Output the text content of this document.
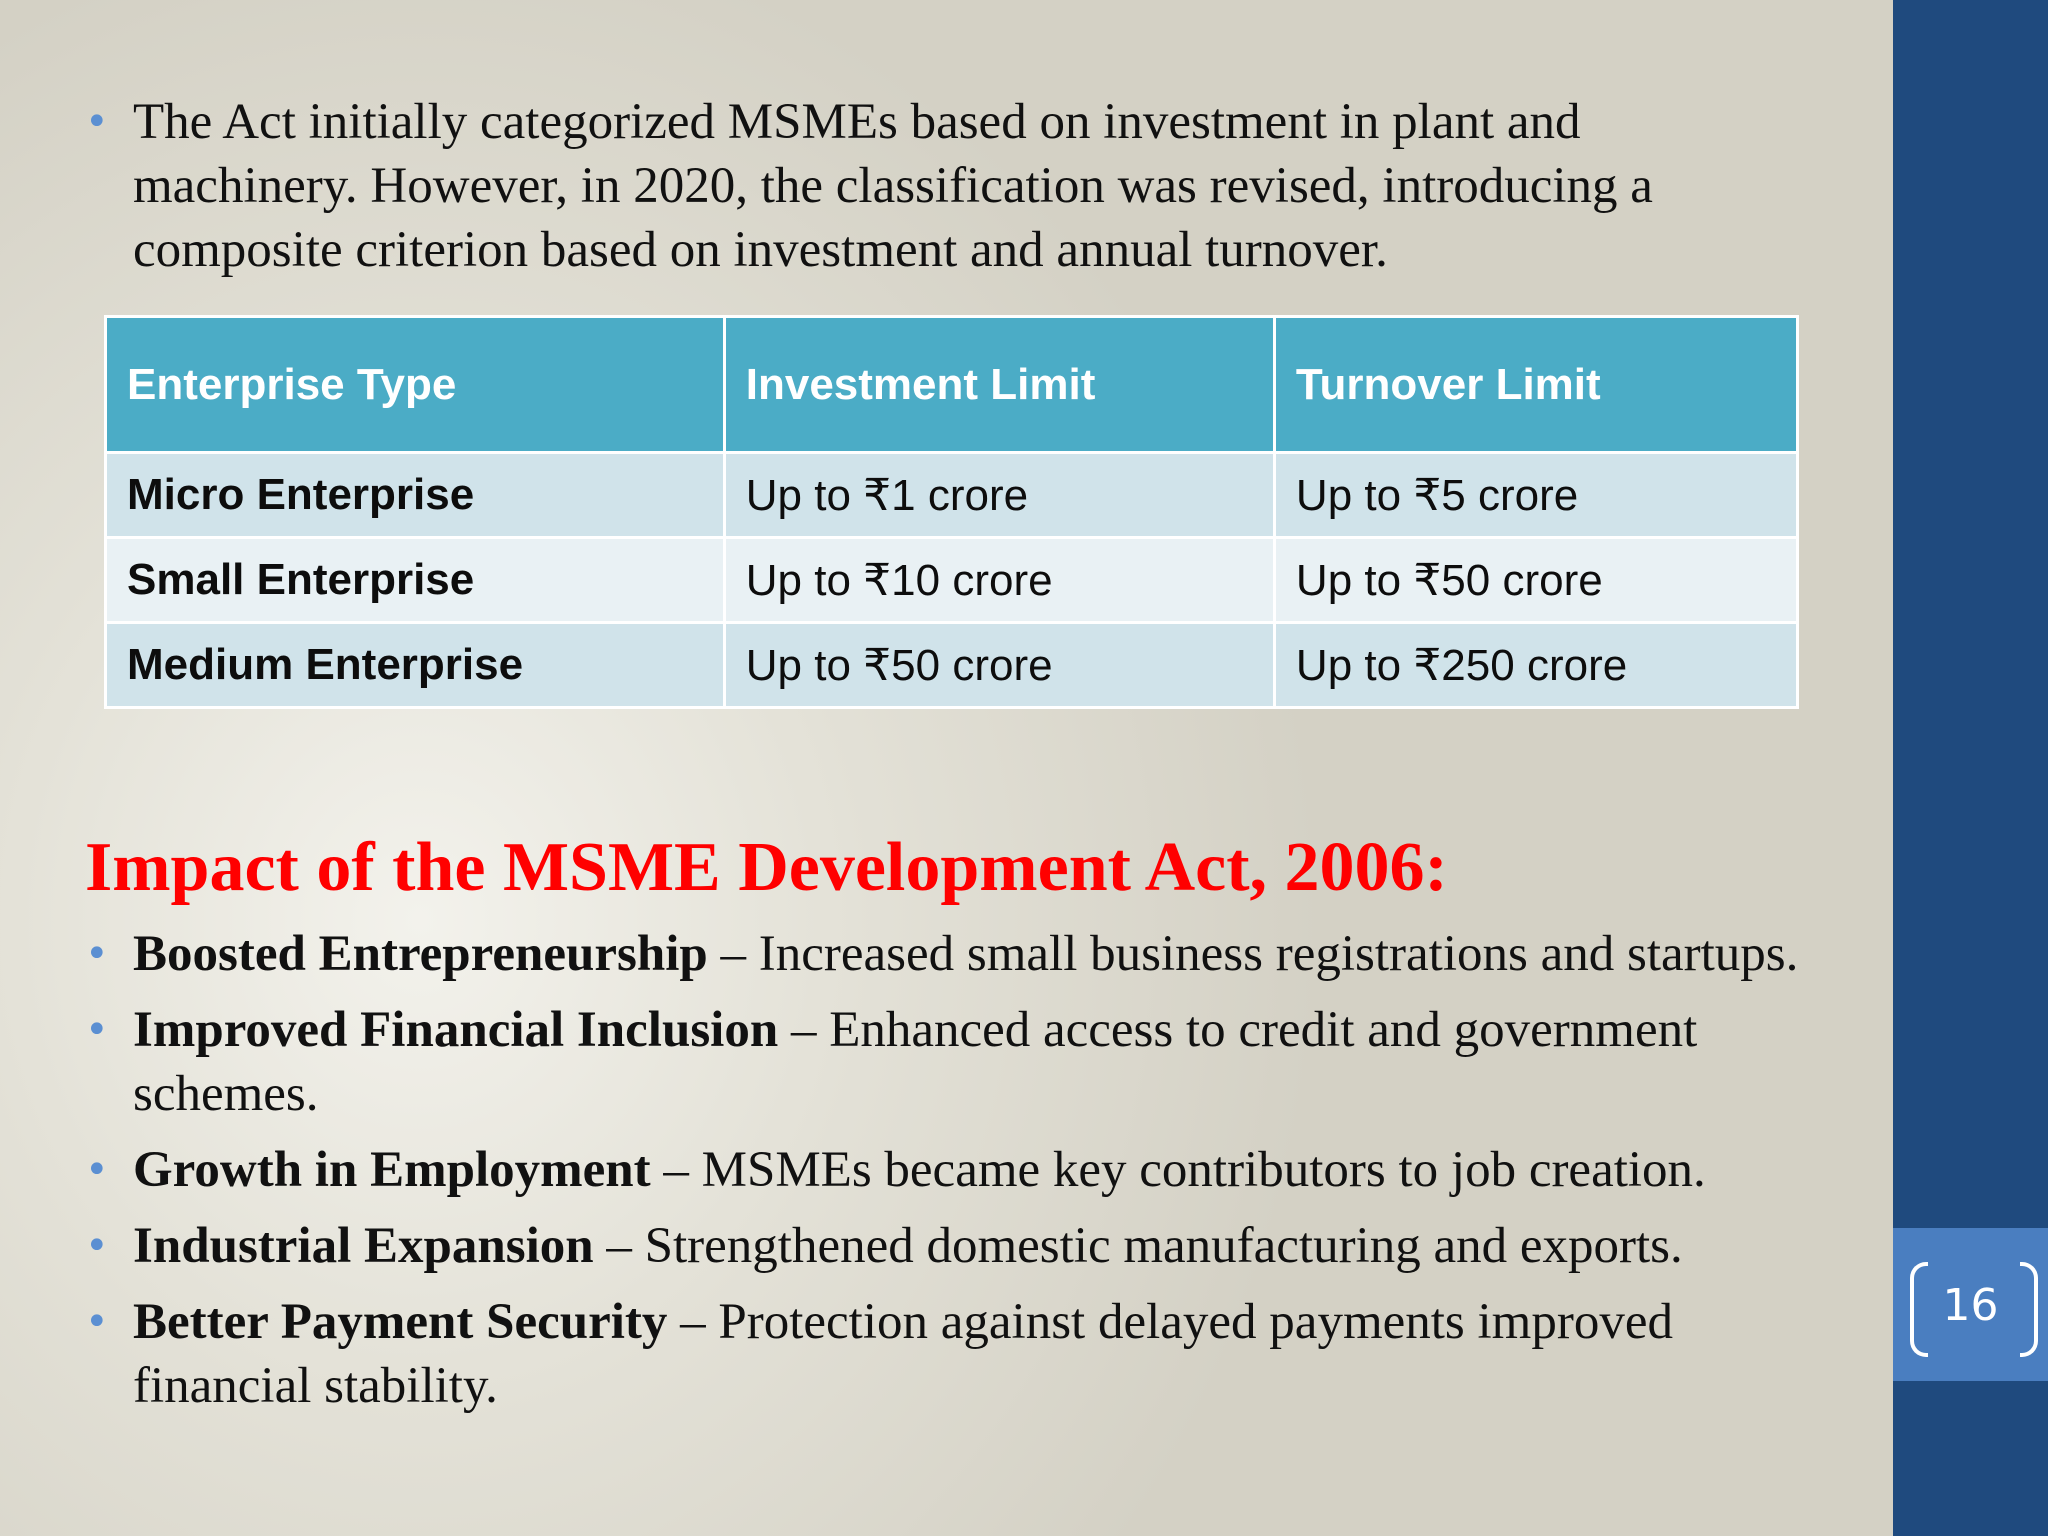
16
• The Act initially categorized MSMEs based on investment in plant and machinery. However, in 2020, the classification was revised, introducing a composite criterion based on investment and annual turnover.
Enterprise Type	Investment Limit	Turnover Limit
Micro Enterprise	Up to ₹1 crore	Up to ₹5 crore
Small Enterprise	Up to ₹10 crore	Up to ₹50 crore
Medium Enterprise	Up to ₹50 crore	Up to ₹250 crore
Impact of the MSME Development Act, 2006:
• Boosted Entrepreneurship – Increased small business registrations and startups.
• Improved Financial Inclusion – Enhanced access to credit and government schemes.
• Growth in Employment – MSMEs became key contributors to job creation.
• Industrial Expansion – Strengthened domestic manufacturing and exports.
• Better Payment Security – Protection against delayed payments improved financial stability.
